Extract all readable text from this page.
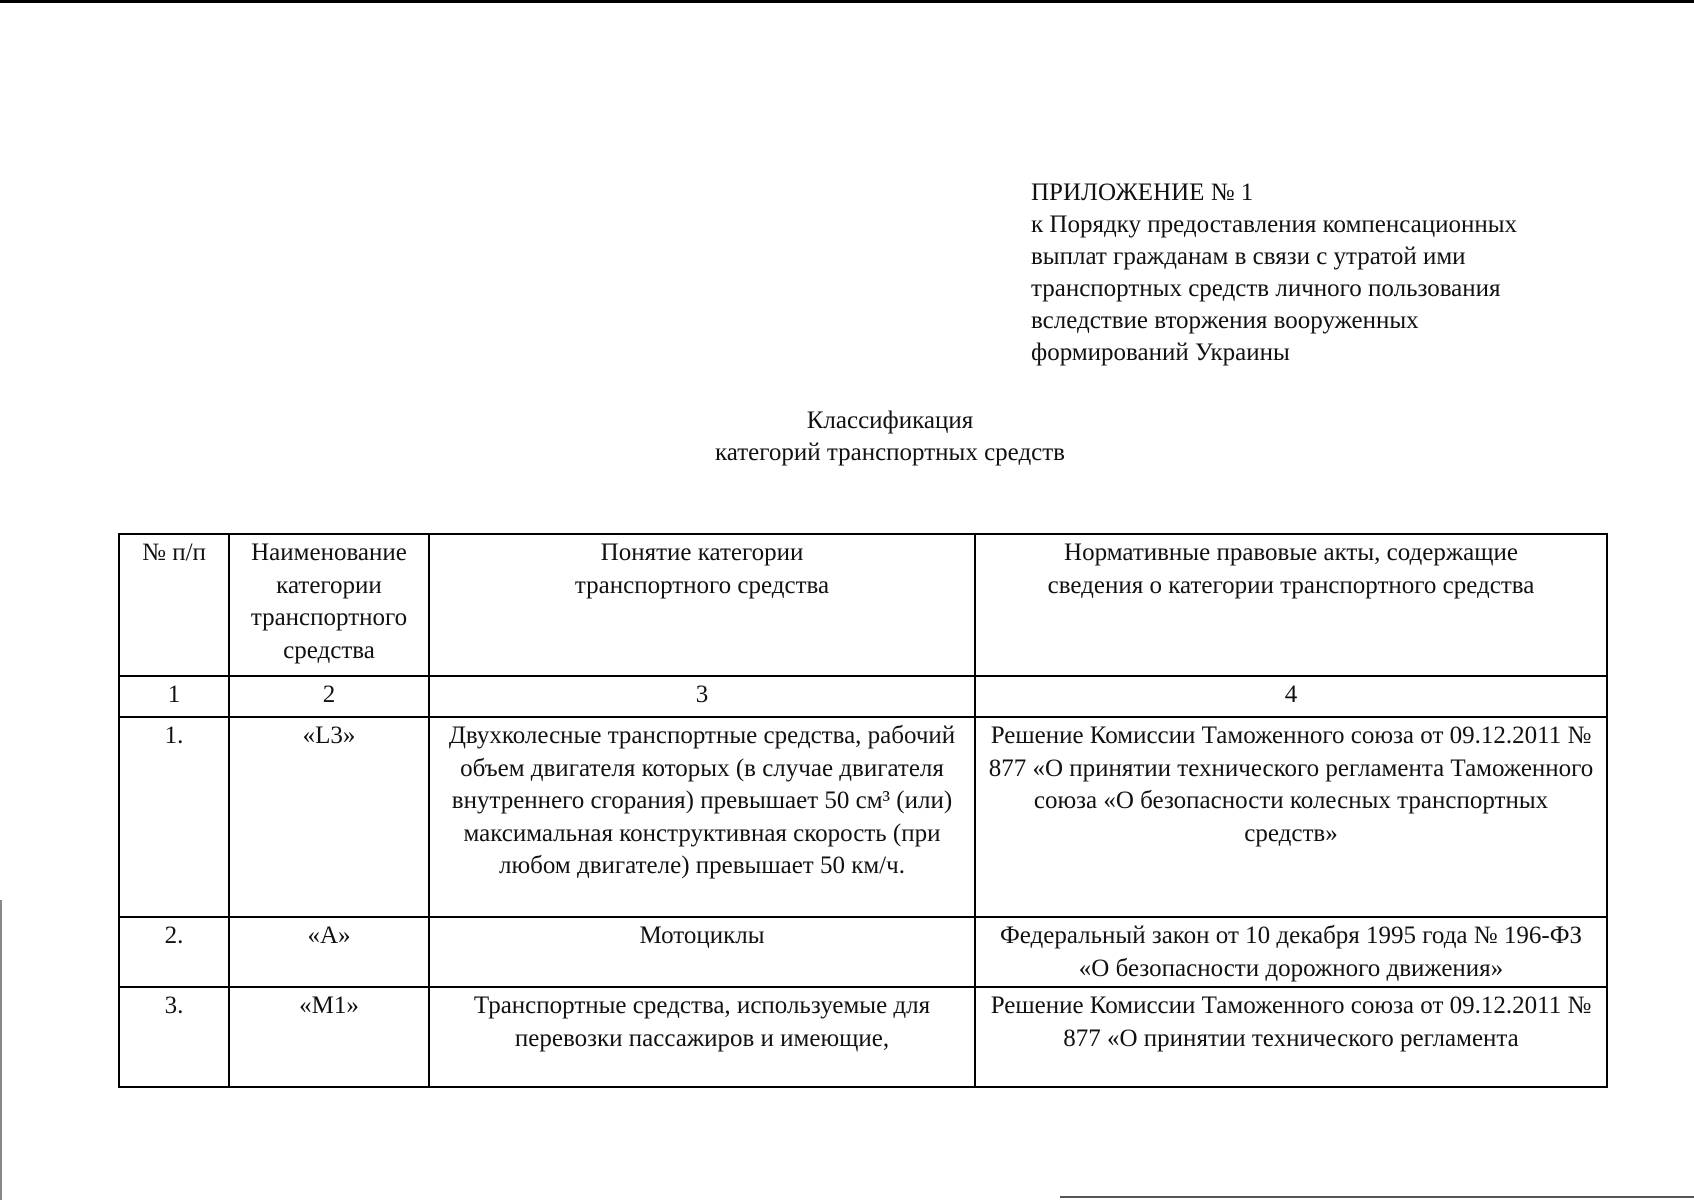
ПРИЛОЖЕНИЕ № 1
к Порядку предоставления компенсационных
выплат гражданам в связи с утратой ими
транспортных средств личного пользования
вследствие вторжения вооруженных
формирований Украины
Классификация
категорий транспортных средств
№ п/п	Наименование категории транспортного средства	Понятие категории транспортного средства	Нормативные правовые акты, содержащие сведения о категории транспортного средства
1	2	3	4
1.	«L3»	Двухколесные транспортные средства, рабочий объем двигателя которых (в случае двигателя внутреннего сгорания) превышает 50 см³ (или) максимальная конструктивная скорость (при любом двигателе) превышает 50 км/ч.	Решение Комиссии Таможенного союза от 09.12.2011 № 877 «О принятии технического регламента Таможенного союза «О безопасности колесных транспортных средств»
2.	«А»	Мотоциклы	Федеральный закон от 10 декабря 1995 года № 196-ФЗ «О безопасности дорожного движения»
3.	«М1»	Транспортные средства, используемые для перевозки пассажиров и имеющие,	Решение Комиссии Таможенного союза от 09.12.2011 № 877 «О принятии технического регламента
